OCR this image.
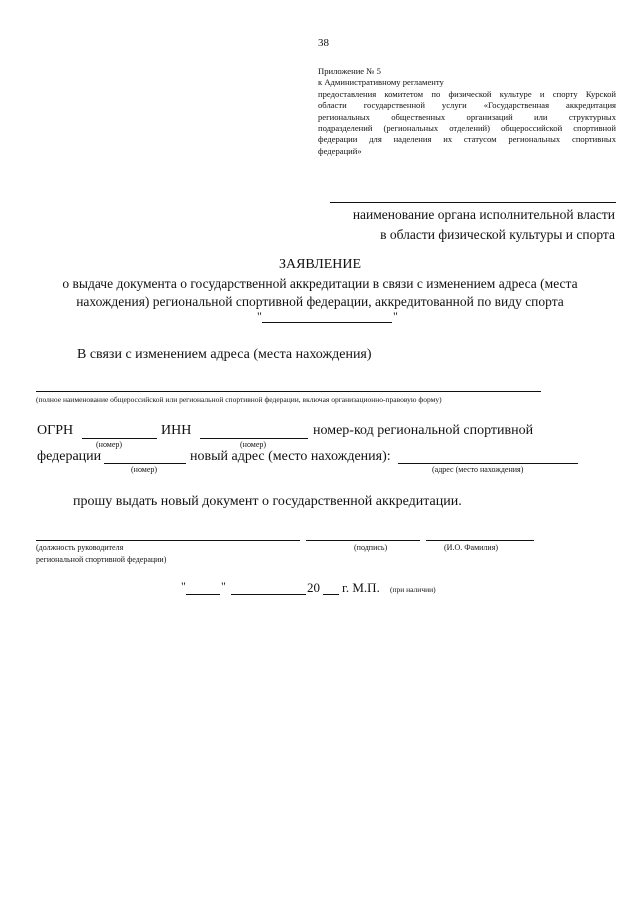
38
Приложение № 5
к Административному регламенту
предоставления комитетом по физической культуре и спорту Курской
области государственной услуги «Государственная аккредитация
региональных общественных организаций или структурных
подразделений (региональных отделений) общероссийской спортивной
федерации для наделения их статусом региональных спортивных
федераций»
наименование органа исполнительной власти
в области физической культуры и спорта
ЗАЯВЛЕНИЕ
о выдаче документа о государственной аккредитации в связи с изменением адреса (места
нахождения) региональной спортивной федерации, аккредитованной по виду спорта
"	"
В связи с изменением адреса (места нахождения)
(полное наименование общероссийской или региональной спортивной федерации, включая организационно-правовую форму)
ОГРН	ИНН	номер-код региональной спортивной
(номер)	(номер)
федерации	новый адрес (место нахождения):
(номер)	(адрес (место нахождения)
прошу выдать новый документ о государственной аккредитации.
(должность руководителя
региональной спортивной федерации)
(подпись)	(И.О. Фамилия)
"	"	20 г. М.П. (при наличии)
